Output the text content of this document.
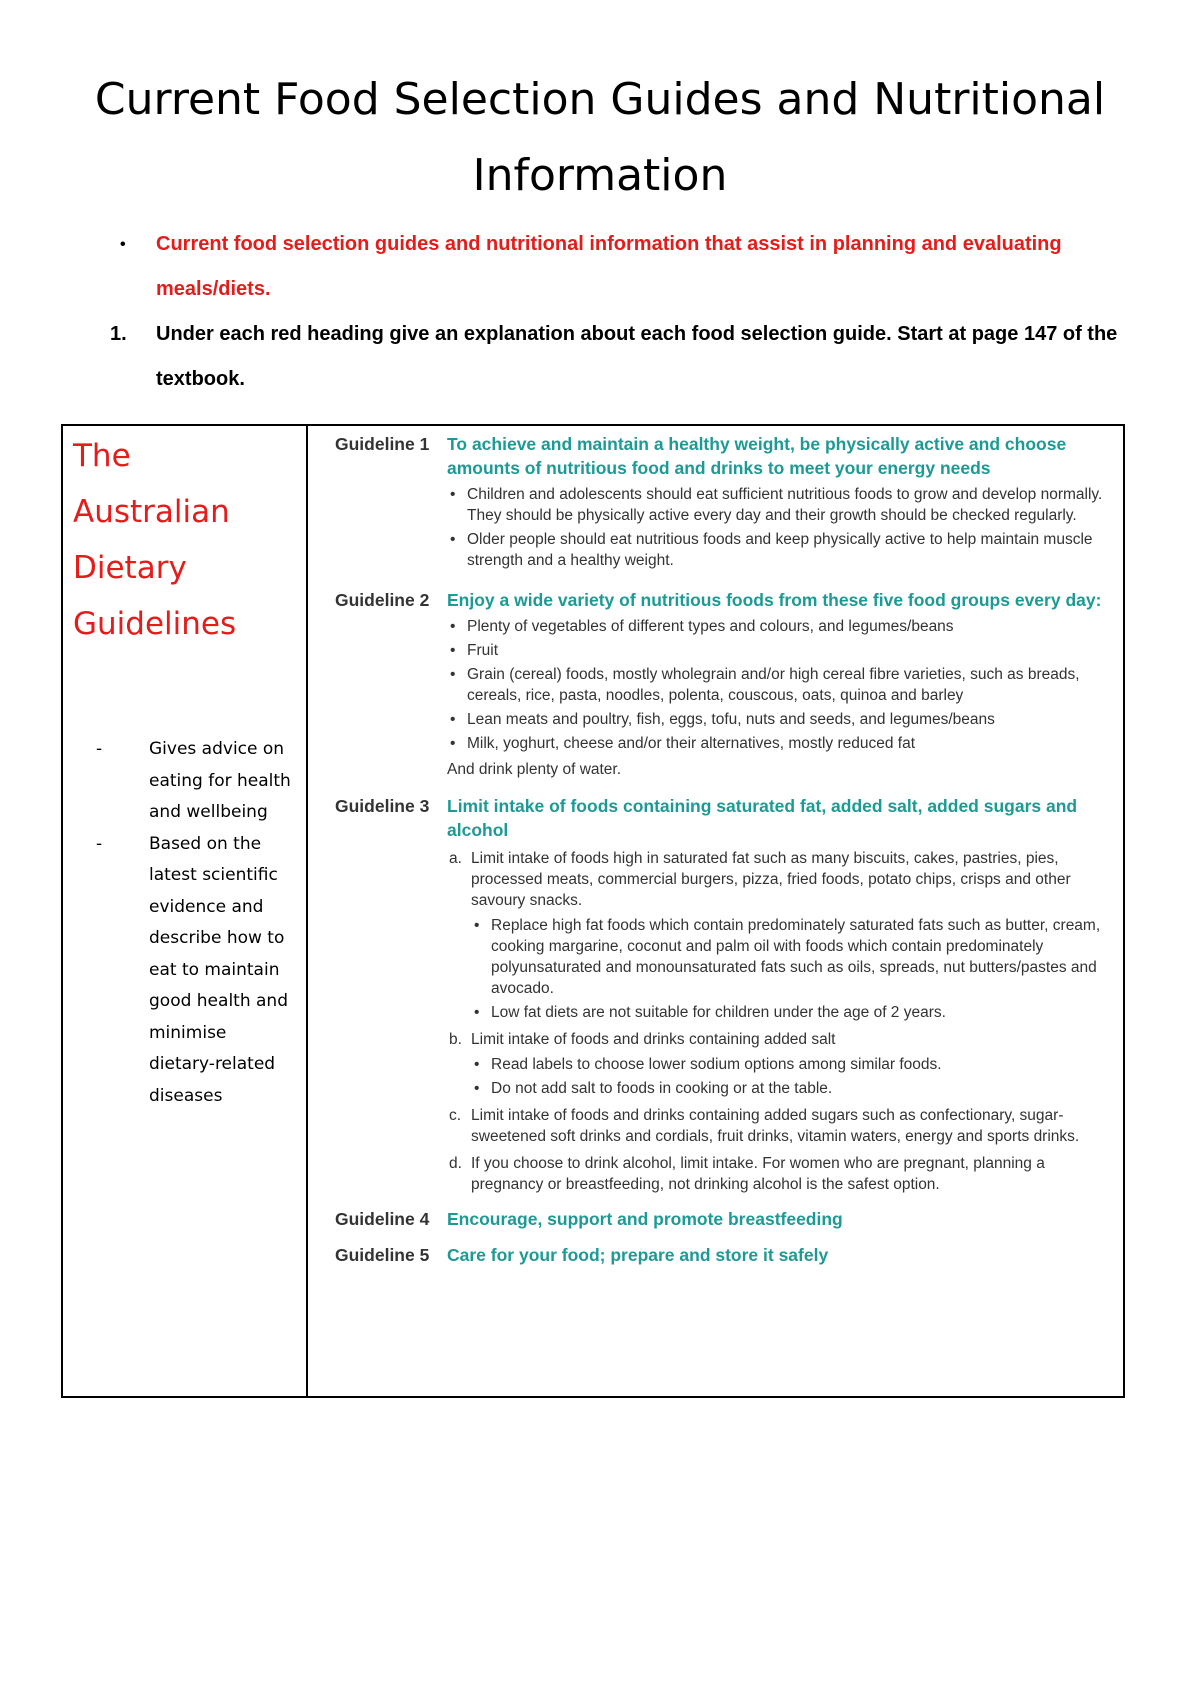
Current Food Selection Guides and Nutritional
Information
• Current food selection guides and nutritional information that assist in planning and evaluating meals/diets.
1. Under each red heading give an explanation about each food selection guide. Start at page 147 of the textbook.
The
Australian
Dietary
Guidelines
-	Gives advice on eating for health and wellbeing
-	Based on the latest scientific evidence and describe how to eat to maintain good health and minimise dietary-related diseases

Guideline 1	To achieve and maintain a healthy weight, be physically active and choose amounts of nutritious food and drinks to meet your energy needs
• Children and adolescents should eat sufficient nutritious foods to grow and develop normally. They should be physically active every day and their growth should be checked regularly.
• Older people should eat nutritious foods and keep physically active to help maintain muscle strength and a healthy weight.
Guideline 2	Enjoy a wide variety of nutritious foods from these five food groups every day:
• Plenty of vegetables of different types and colours, and legumes/beans
• Fruit
• Grain (cereal) foods, mostly wholegrain and/or high cereal fibre varieties, such as breads, cereals, rice, pasta, noodles, polenta, couscous, oats, quinoa and barley
• Lean meats and poultry, fish, eggs, tofu, nuts and seeds, and legumes/beans
• Milk, yoghurt, cheese and/or their alternatives, mostly reduced fat
And drink plenty of water.
Guideline 3	Limit intake of foods containing saturated fat, added salt, added sugars and alcohol
a. Limit intake of foods high in saturated fat such as many biscuits, cakes, pastries, pies, processed meats, commercial burgers, pizza, fried foods, potato chips, crisps and other savoury snacks.
• Replace high fat foods which contain predominately saturated fats such as butter, cream, cooking margarine, coconut and palm oil with foods which contain predominately polyunsaturated and monounsaturated fats such as oils, spreads, nut butters/pastes and avocado.
• Low fat diets are not suitable for children under the age of 2 years.
b. Limit intake of foods and drinks containing added salt
• Read labels to choose lower sodium options among similar foods.
• Do not add salt to foods in cooking or at the table.
c. Limit intake of foods and drinks containing added sugars such as confectionary, sugar-sweetened soft drinks and cordials, fruit drinks, vitamin waters, energy and sports drinks.
d. If you choose to drink alcohol, limit intake. For women who are pregnant, planning a pregnancy or breastfeeding, not drinking alcohol is the safest option.
Guideline 4	Encourage, support and promote breastfeeding
Guideline 5	Care for your food; prepare and store it safely
